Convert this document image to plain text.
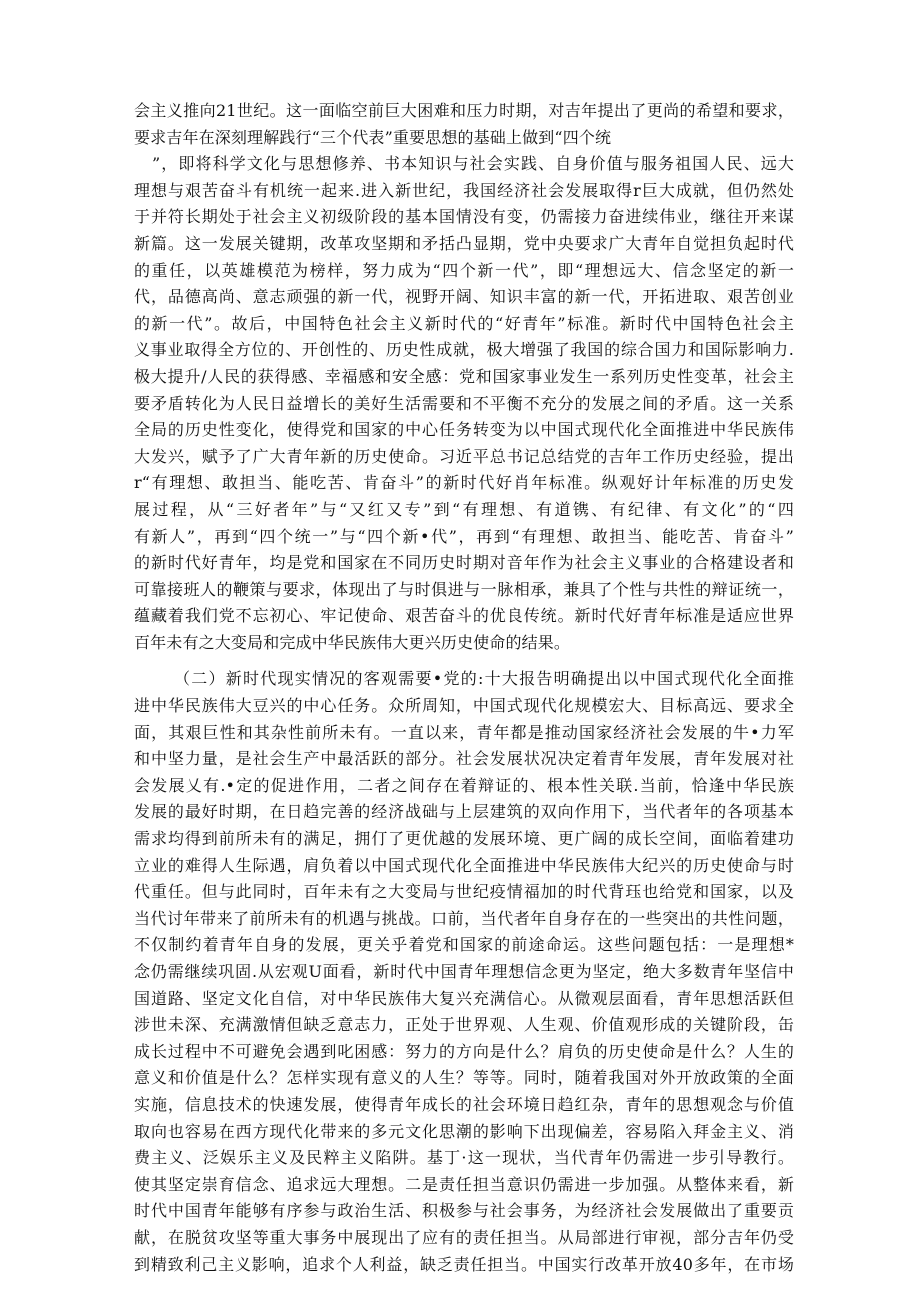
会主义推向21世纪。这一面临空前巨大困难和压力时期，对吉年提出了更尚的希望和要求，
要求吉年在深刻理解践行“三个代表”重要思想的基础上做到“四个统
”，即将科学文化与思想修养、书本知识与社会实践、自身价值与服务祖国人民、远大
理想与艰苦奋斗有机统一起来.进入新世纪，我国经济社会发展取得r巨大成就，但仍然处
于并符长期处于社会主义初级阶段的基本国情没有变，仍需接力奋进续伟业，继往开来谋
新篇。这一发展关键期，改革攻坚期和矛括凸显期，党中央要求广大青年自觉担负起时代
的重任，以英雄模范为榜样，努力成为“四个新一代”，即“理想远大、信念坚定的新一
代，品德高尚、意志顽强的新一代，视野开阔、知识丰富的新一代，开拓进取、艰苦创业
的新一代”。故后，中国特色社会主义新时代的“好青年”标准。新时代中国特色社会主
义事业取得全方位的、开创性的、历史性成就，极大增强了我国的综合国力和国际影响力.
极大提升/人民的获得感、幸福感和安全感：党和国家事业发生一系列历史性变革，社会主
要矛盾转化为人民日益增长的美好生活需要和不平衡不充分的发展之间的矛盾。这一关系
全局的历史性变化，使得党和国家的中心任务转变为以中国式现代化全面推进中华民族伟
大发兴，赋予了广大青年新的历史使命。习近平总书记总结党的吉年工作历史经验，提出
r“有理想、敢担当、能吃苦、肯奋斗”的新时代好肖年标准。纵观好计年标准的历史发
展过程，从“三好者年”与“又红又专”到“有理想、有道镌、有纪律、有文化”的“四
有新人”，再到“四个统一”与“四个新•代”，再到“有理想、敢担当、能吃苦、肯奋斗”
的新时代好青年，均是党和国家在不同历史时期对音年作为社会主义事业的合格建设者和
可靠接班人的鞭策与要求，体现出了与时俱进与一脉相承，兼具了个性与共性的辩证统一，
蕴藏着我们党不忘初心、牢记使命、艰苦奋斗的优良传统。新时代好青年标准是适应世界
百年未有之大变局和完成中华民族伟大更兴历史使命的结果。
（二）新时代现实情况的客观需要•党的:十大报告明确提出以中国式现代化全面推
进中华民族伟大豆兴的中心任务。众所周知，中国式现代化规模宏大、目标高远、要求全
面，其艰巨性和其杂性前所未有。一直以来，青年都是推动国家经济社会发展的牛•力军
和中坚力量，是社会生产中最活跃的部分。社会发展状况决定着青年发展，青年发展对社
会发展乂有.•定的促进作用，二者之间存在着辩证的、根本性关联.当前，恰逢中华民族
发展的最好时期，在日趋完善的经济战础与上层建筑的双向作用下，当代者年的各项基本
需求均得到前所未有的满足，拥仃了更优越的发展环境、更广阔的成长空间，面临着建功
立业的难得人生际遇，肩负着以中国式现代化全面推进中华民族伟大纪兴的历史使命与时
代重任。但与此同时，百年未有之大变局与世纪疫情福加的时代背珏也给党和国家，以及
当代讨年带来了前所未有的机遇与挑战。口前，当代者年自身存在的一些突出的共性问题，
不仅制约着青年自身的发展，更关乎着党和国家的前途命运。这些问题包括：一是理想*
念仍需继续巩固.从宏观U面看，新时代中国青年理想信念更为坚定，绝大多数青年坚信中
国道路、坚定文化自信，对中华民族伟大复兴充满信心。从微观层面看，青年思想活跃但
涉世未深、充满激情但缺乏意志力，正处于世界观、人生观、价值观形成的关键阶段，缶
成长过程中不可避免会遇到叱困感：努力的方向是什么？肩负的历史使命是什么？人生的
意义和价值是什么？怎样实现有意义的人生？等等。同时，随着我国对外开放政策的全面
实施，信息技术的快速发展，使得青年成长的社会环境日趋红杂，青年的思想观念与价值
取向也容易在西方现代化带来的多元文化思潮的影响下出现偏差，容易陷入拜金主义、消
费主义、泛娱乐主义及民粹主义陷阱。基丁·这一现状，当代青年仍需进一步引导教行。
使其坚定崇育信念、追求远大理想。二是责任担当意识仍需进一步加强。从整体来看，新
时代中国青年能够有序参与政治生活、积极参与社会事务，为经济社会发展做出了重要贡
献，在脱贫攻坚等重大事务中展现出了应有的责任担当。从局部进行审视，部分吉年仍受
到精致利己主义影响，追求个人利益，缺乏责任担当。中国实行改革开放40多年，在市场
